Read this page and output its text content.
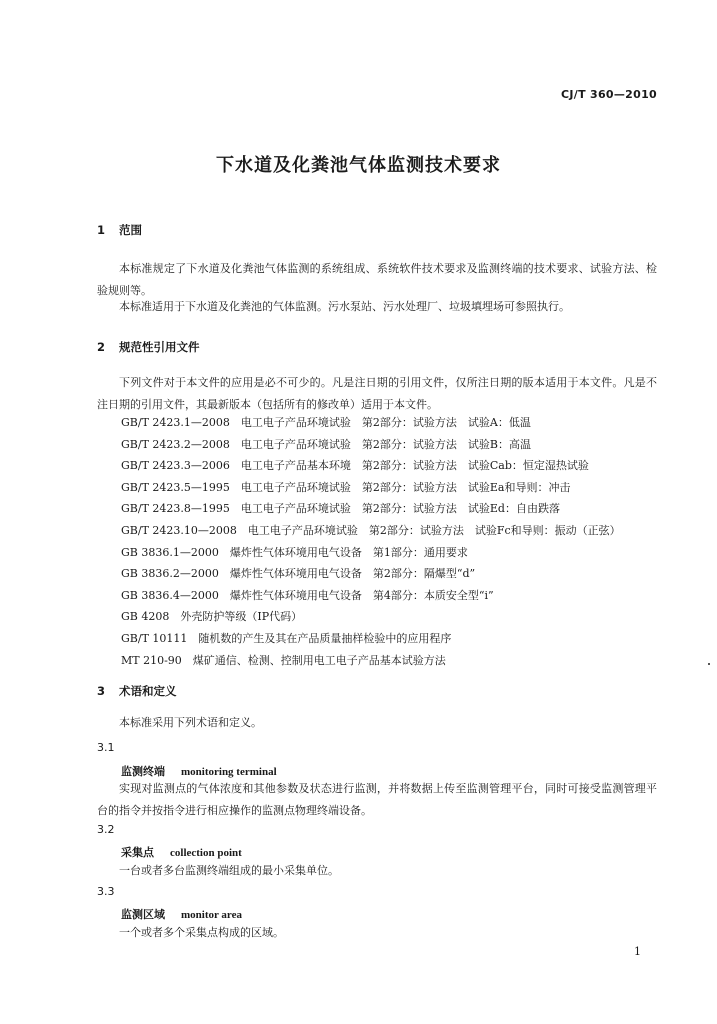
CJ/T 360—2010
下水道及化粪池气体监测技术要求
1 范围

本标准规定了下水道及化粪池气体监测的系统组成、系统软件技术要求及监测终端的技术要求、试验方法、检验规则等。

本标准适用于下水道及化粪池的气体监测。污水泵站、污水处理厂、垃圾填埋场可参照执行。

2 规范性引用文件

下列文件对于本文件的应用是必不可少的。凡是注日期的引用文件，仅所注日期的版本适用于本文件。凡是不注日期的引用文件，其最新版本（包括所有的修改单）适用于本文件。

GB/T 2423.1—2008　电工电子产品环境试验　第2部分：试验方法　试验A：低温
GB/T 2423.2—2008　电工电子产品环境试验　第2部分：试验方法　试验B：高温
GB/T 2423.3—2006　电工电子产品基本环境　第2部分：试验方法　试验Cab：恒定湿热试验
GB/T 2423.5—1995　电工电子产品环境试验　第2部分：试验方法　试验Ea和导则：冲击
GB/T 2423.8—1995　电工电子产品环境试验　第2部分：试验方法　试验Ed：自由跌落
GB/T 2423.10—2008　电工电子产品环境试验　第2部分：试验方法　试验Fc和导则：振动（正弦）
GB 3836.1—2000　爆炸性气体环境用电气设备　第1部分：通用要求
GB 3836.2—2000　爆炸性气体环境用电气设备　第2部分：隔爆型“d”
GB 3836.4—2000　爆炸性气体环境用电气设备　第4部分：本质安全型“i”
GB 4208　外壳防护等级（IP代码）
GB/T 10111　随机数的产生及其在产品质量抽样检验中的应用程序
MT 210-90　煤矿通信、检测、控制用电工电子产品基本试验方法
3 术语和定义

本标准采用下列术语和定义。

3.1
监测终端 monitoring terminal

实现对监测点的气体浓度和其他参数及状态进行监测，并将数据上传至监测管理平台，同时可接受监测管理平台的指令并按指令进行相应操作的监测点物理终端设备。

3.2
采集点 collection point

一台或者多台监测终端组成的最小采集单位。

3.3
监测区域 monitor area

一个或者多个采集点构成的区域。

1
